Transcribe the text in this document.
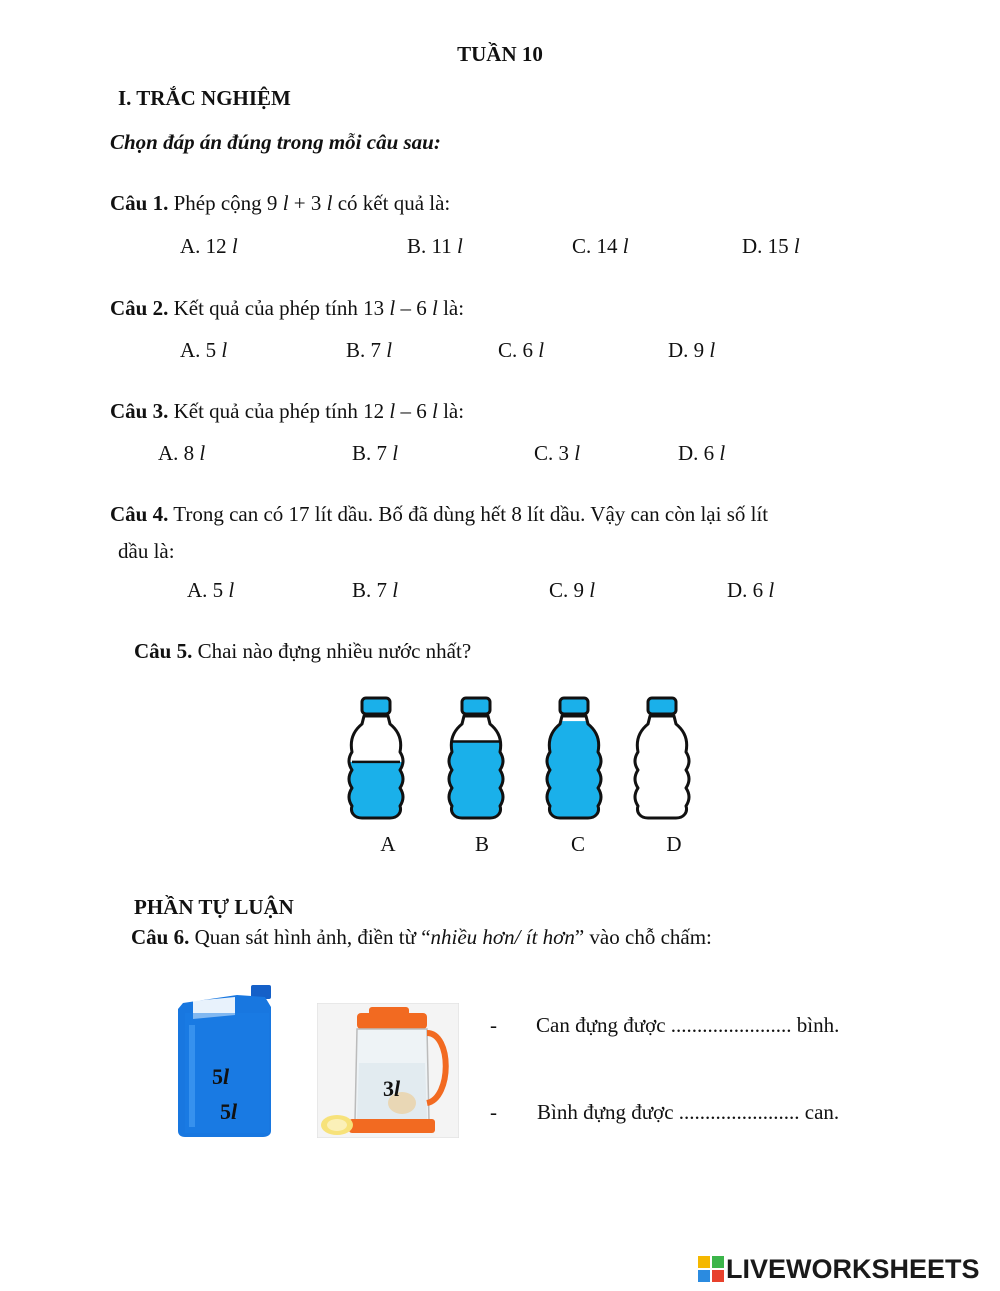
TUẦN 10
I. TRẮC NGHIỆM
Chọn đáp án đúng trong mỗi câu sau:
Câu 1. Phép cộng 9 l + 3 l có kết quả là:
A. 12 l	B. 11 l	C. 14 l	D. 15 l
Câu 2. Kết quả của phép tính 13 l – 6 l là:
A. 5 l	B. 7 l	C. 6 l	D. 9 l
Câu 3. Kết quả của phép tính 12 l – 6 l là:
A. 8 l	B. 7 l	C. 3 l	D. 6 l
Câu 4. Trong can có 17 lít dầu. Bố đã dùng hết 8 lít dầu. Vậy can còn lại số lít
dầu là:
A. 5 l	B. 7 l	C. 9 l	D. 6 l
Câu 5. Chai nào đựng nhiều nước nhất?
A	B	C	D
PHẦN TỰ LUẬN
Câu 6. Quan sát hình ảnh, điền từ “nhiều hơn/ ít hơn” vào chỗ chấm:
5l
5l
3l
- Can đựng được ....................... bình.
- Bình đựng được ....................... can.
LIVEWORKSHEETS
